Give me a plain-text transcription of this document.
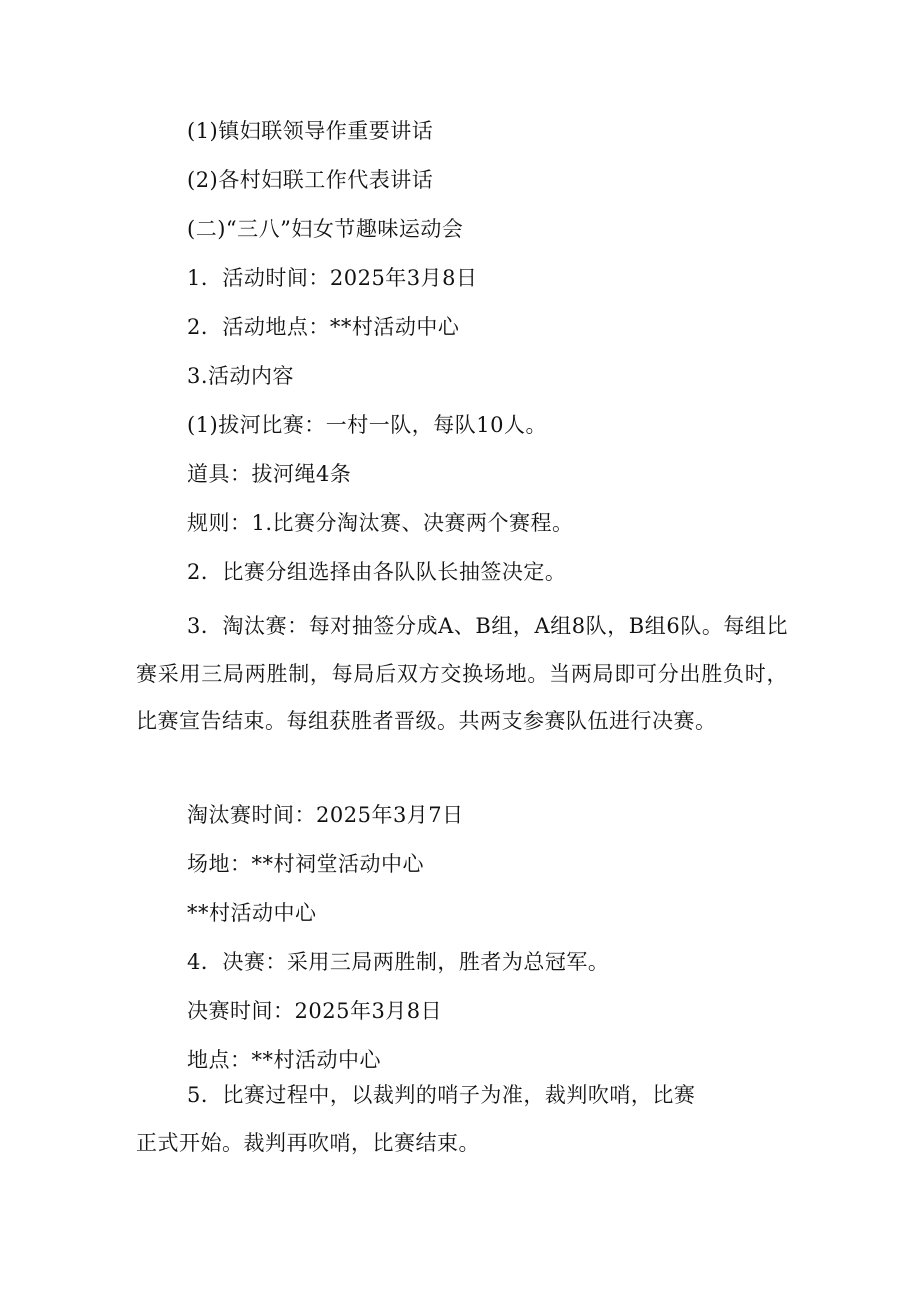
(1)镇妇联领导作重要讲话

(2)各村妇联工作代表讲话

(二)“三八”妇女节趣味运动会

1．活动时间：2025年3月8日

2．活动地点：**村活动中心

3.活动内容

(1)拔河比赛：一村一队，每队10人。

道具：拔河绳4条

规则：1.比赛分淘汰赛、决赛两个赛程。

2．比赛分组选择由各队队长抽签决定。

3．淘汰赛：每对抽签分成A、B组，A组8队，B组6队。每组比赛采用三局两胜制，每局后双方交换场地。当两局即可分出胜负时，比赛宣告结束。每组获胜者晋级。共两支参赛队伍进行决赛。

淘汰赛时间：2025年3月7日

场地：**村祠堂活动中心

**村活动中心

4．决赛：采用三局两胜制，胜者为总冠军。

决赛时间：2025年3月8日

地点：**村活动中心

5．比赛过程中，以裁判的哨子为准，裁判吹哨，比赛

正式开始。裁判再吹哨，比赛结束。
